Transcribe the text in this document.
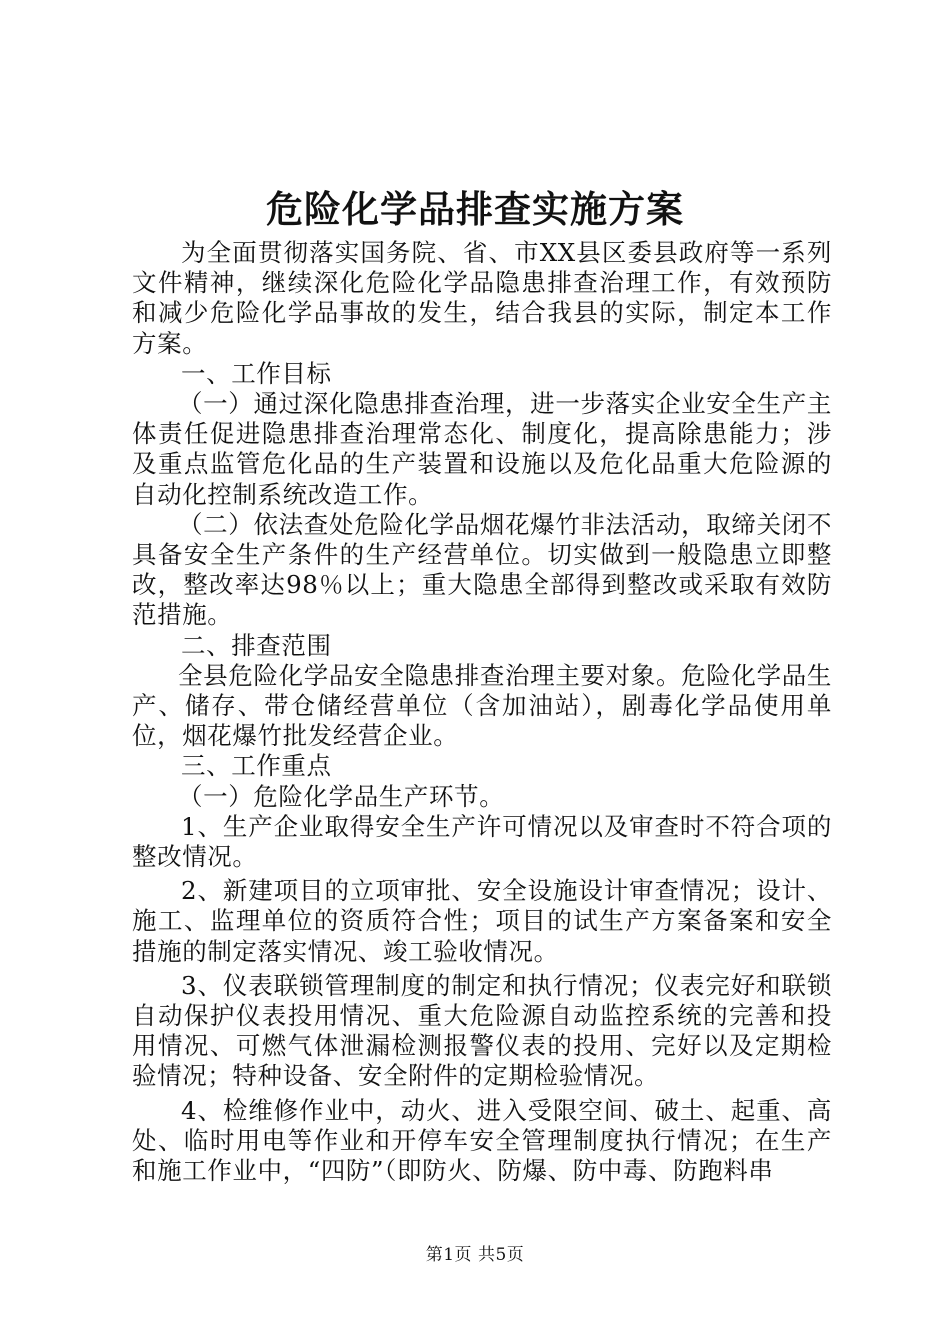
危险化学品排查实施方案

为全面贯彻落实国务院、省、市XX县区委县政府等一系列文件精神，继续深化危险化学品隐患排查治理工作，有效预防和减少危险化学品事故的发生，结合我县的实际，制定本工作方案。

一、工作目标

（一）通过深化隐患排查治理，进一步落实企业安全生产主体责任促进隐患排查治理常态化、制度化，提高除患能力；涉及重点监管危化品的生产装置和设施以及危化品重大危险源的自动化控制系统改造工作。

（二）依法查处危险化学品烟花爆竹非法活动，取缔关闭不具备安全生产条件的生产经营单位。切实做到一般隐患立即整改，整改率达98％以上；重大隐患全部得到整改或采取有效防范措施。

二、排查范围

全县危险化学品安全隐患排查治理主要对象。危险化学品生产、储存、带仓储经营单位（含加油站），剧毒化学品使用单位，烟花爆竹批发经营企业。

三、工作重点

（一）危险化学品生产环节。

1、生产企业取得安全生产许可情况以及审查时不符合项的整改情况。

2、新建项目的立项审批、安全设施设计审查情况；设计、施工、监理单位的资质符合性；项目的试生产方案备案和安全措施的制定落实情况、竣工验收情况。

3、仪表联锁管理制度的制定和执行情况；仪表完好和联锁自动保护仪表投用情况、重大危险源自动监控系统的完善和投用情况、可燃气体泄漏检测报警仪表的投用、完好以及定期检验情况；特种设备、安全附件的定期检验情况。

4、检维修作业中，动火、进入受限空间、破土、起重、高处、临时用电等作业和开停车安全管理制度执行情况；在生产和施工作业中，“四防”（即防火、防爆、防中毒、防跑料串

第1页 共5页
